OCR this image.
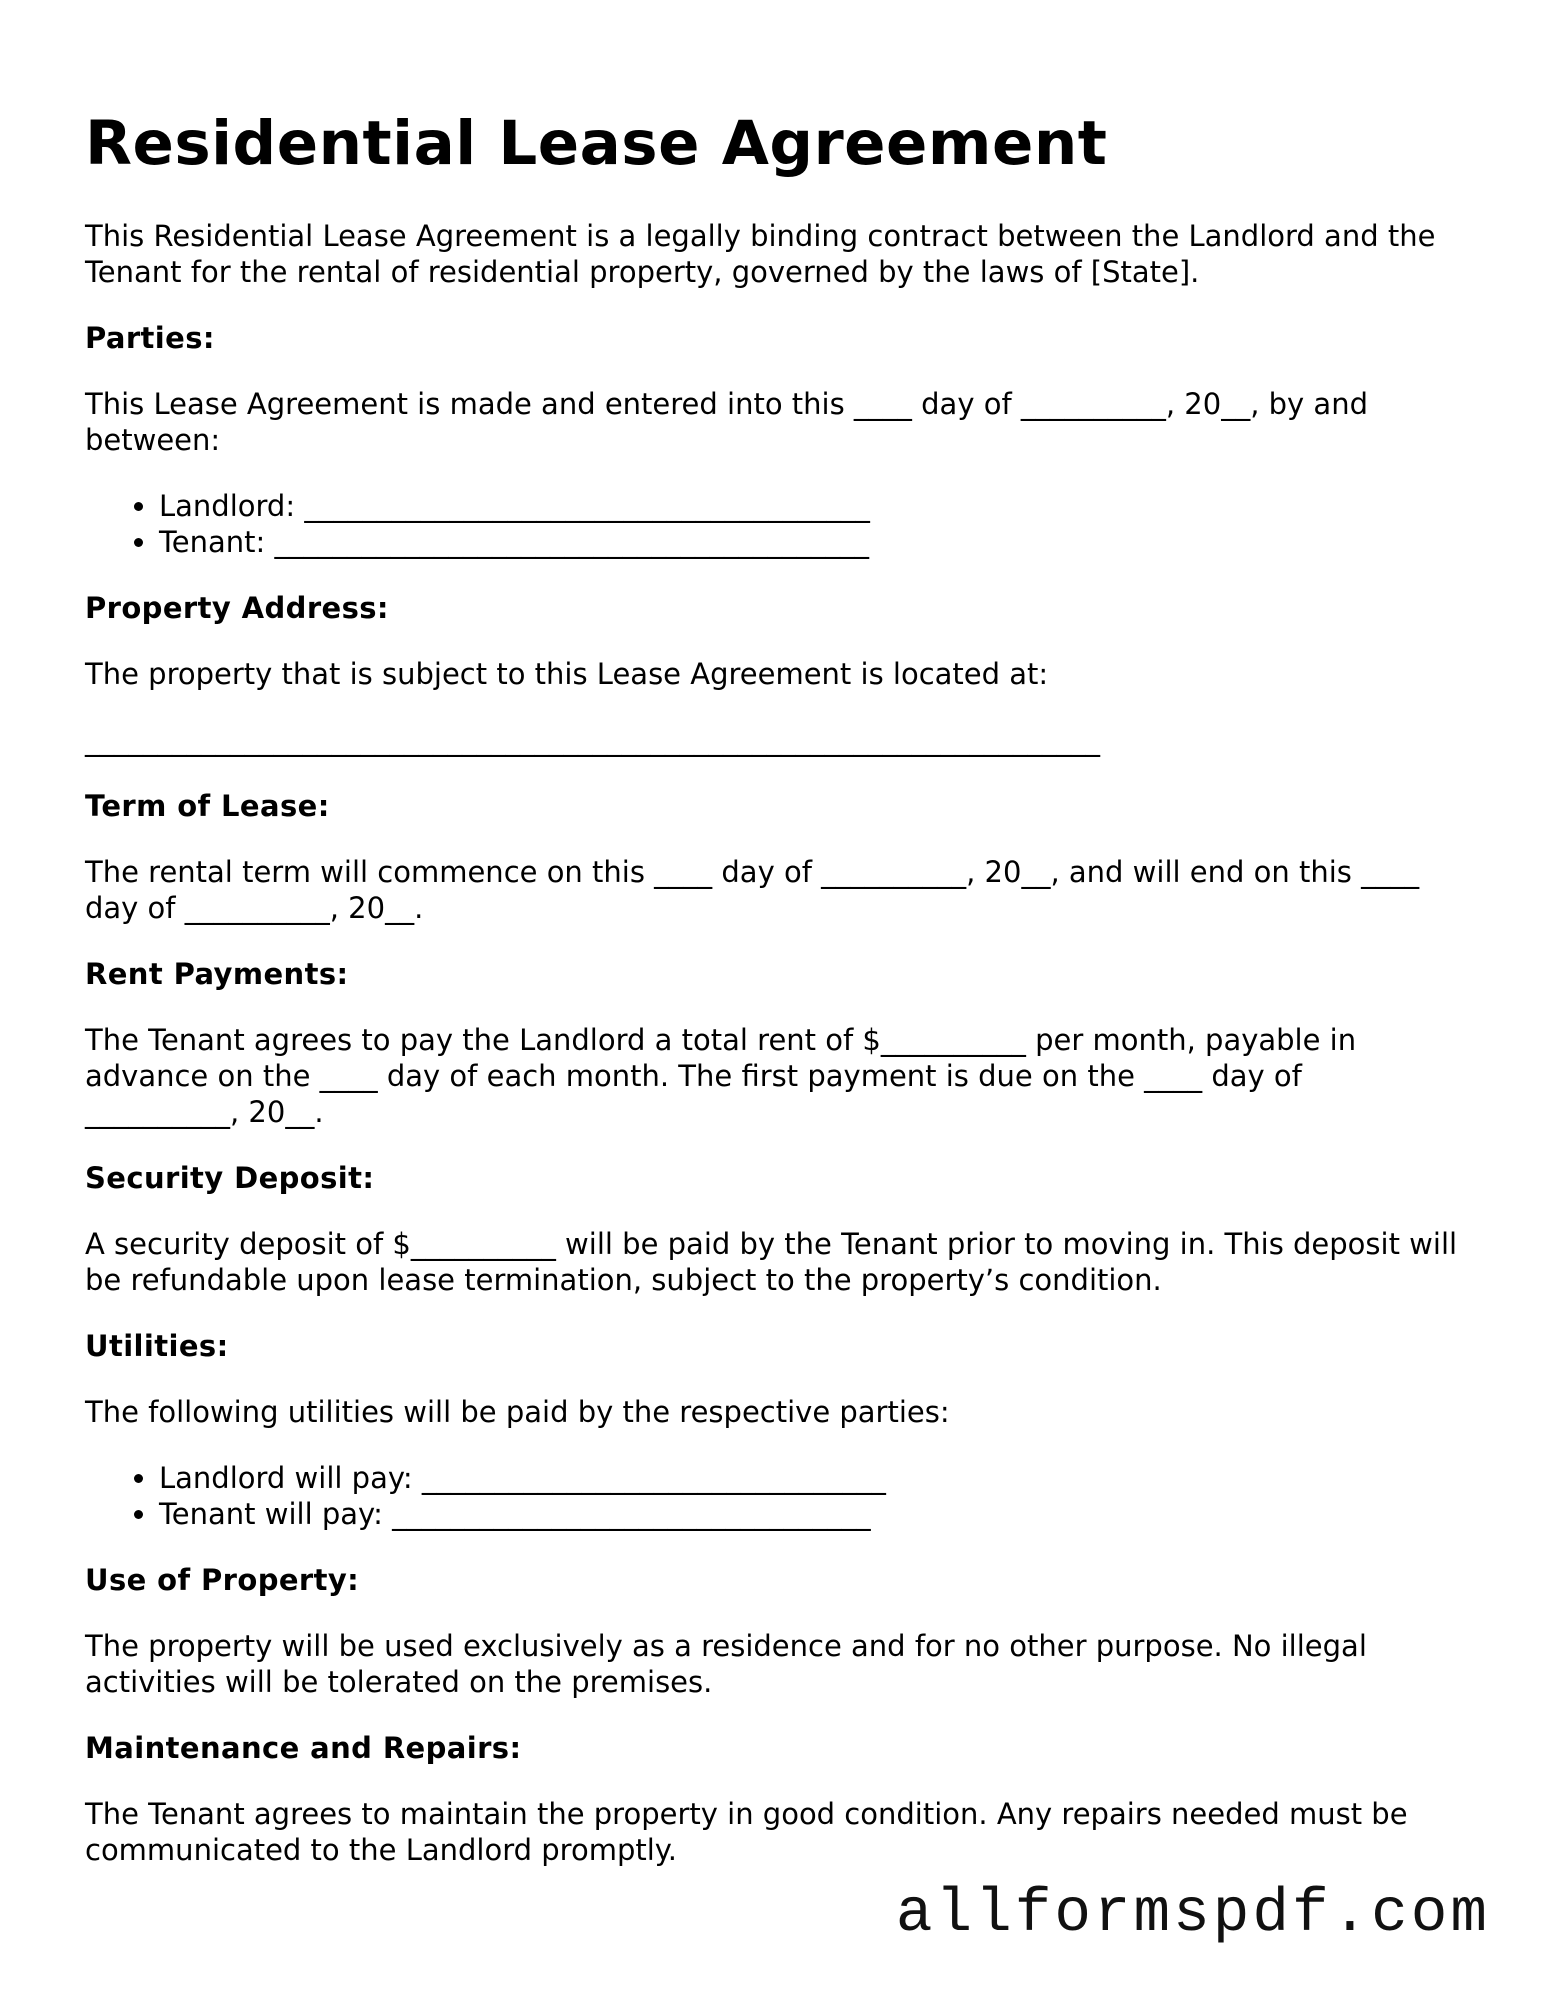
Residential Lease Agreement

This Residential Lease Agreement is a legally binding contract between the Landlord and the Tenant for the rental of residential property, governed by the laws of [State].

Parties:

This Lease Agreement is made and entered into this ____ day of __________, 20__, by and between:

• Landlord: _______________________________________
• Tenant: _________________________________________
Property Address:

The property that is subject to this Lease Agreement is located at:

______________________________________________________________________
Term of Lease:

The rental term will commence on this ____ day of __________, 20__, and will end on this ____ day of __________, 20__.

Rent Payments:

The Tenant agrees to pay the Landlord a total rent of $__________ per month, payable in advance on the ____ day of each month. The first payment is due on the ____ day of __________, 20__.

Security Deposit:

A security deposit of $__________ will be paid by the Tenant prior to moving in. This deposit will be refundable upon lease termination, subject to the property’s condition.

Utilities:

The following utilities will be paid by the respective parties:

• Landlord will pay: ________________________________
• Tenant will pay: _________________________________
Use of Property:

The property will be used exclusively as a residence and for no other purpose. No illegal activities will be tolerated on the premises.

Maintenance and Repairs:

The Tenant agrees to maintain the property in good condition. Any repairs needed must be communicated to the Landlord promptly.

allformspdf.com
